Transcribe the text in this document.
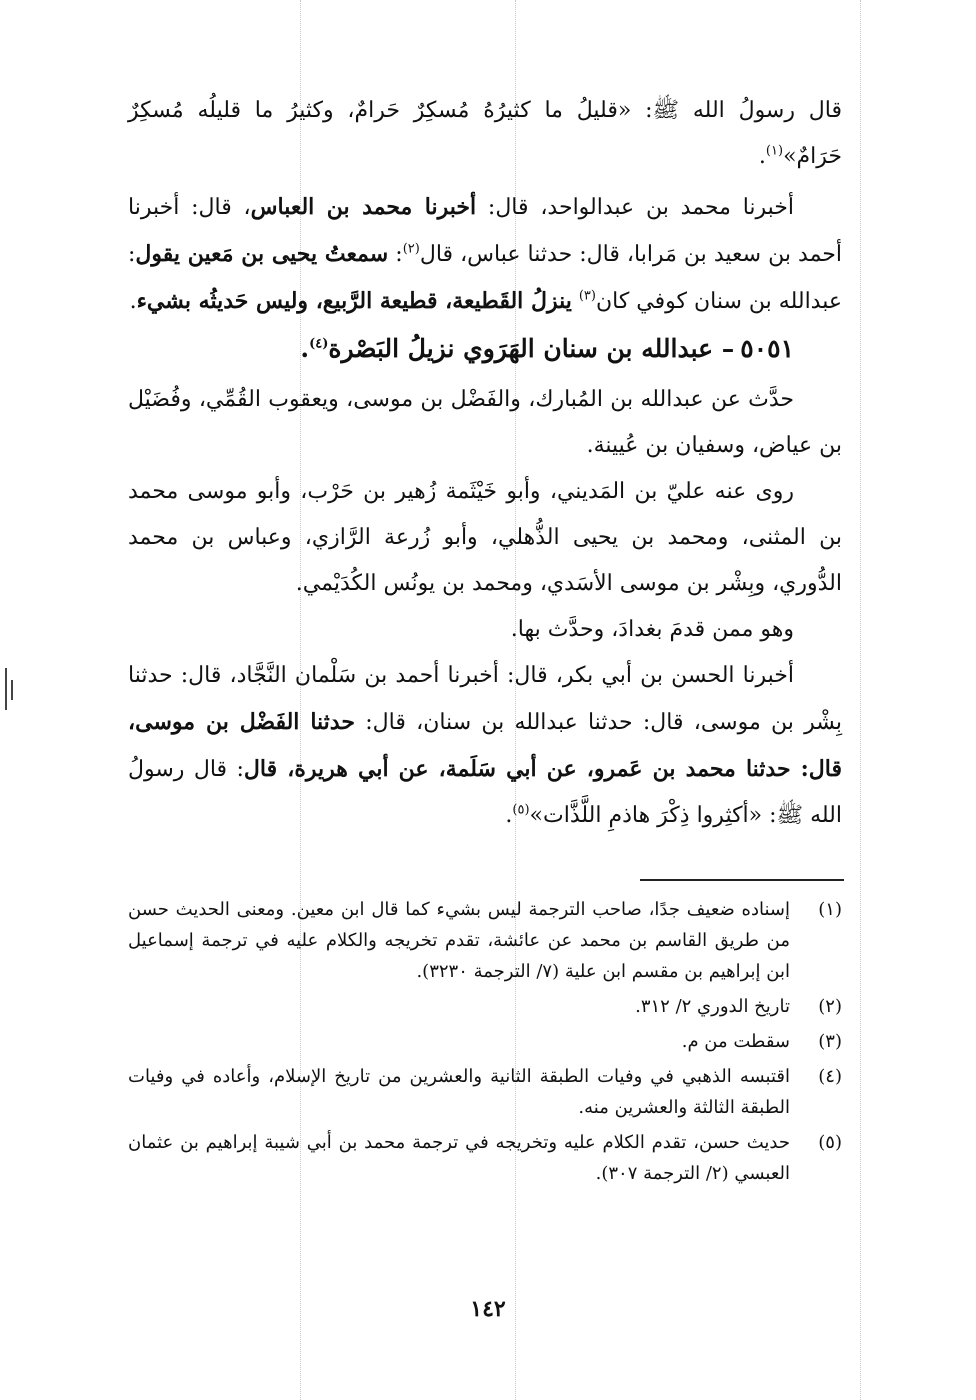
قال رسولُ الله ﷺ: «قليلُ ما كثيرُهُ مُسكِرٌ حَرامٌ، وكثيرُ ما قليلُه مُسكِرٌ حَرَامٌ»$^{(١)}$.

أخبرنا محمد بن عبدالواحد، قال: أخبرنا محمد بن العباس، قال: أخبرنا أحمد بن سعيد بن مَرابا، قال: حدثنا عباس، قال$^{(٢)}$: سمعتُ يحيى بن مَعين يقول: عبدالله بن سنان كوفي كان$^{(٣)}$ ينزلُ القَطيعة، قطيعة الرَّبيع، وليس حَديثُه بشيء.

٥٠٥١– عبدالله بن سنان الهَرَوي نزيلُ البَصْرة$^{(٤)}$.

حدَّث عن عبدالله بن المُبارك، والفَضْل بن موسى، ويعقوب القُمِّي، وفُضَيْل بن عياض، وسفيان بن عُيينة.

روى عنه عليّ بن المَديني، وأبو خَيْثَمة زُهير بن حَرْب، وأبو موسى محمد بن المثنى، ومحمد بن يحيى الذُّهلي، وأبو زُرعة الرَّازي، وعباس بن محمد الدُّوري، وبِشْر بن موسى الأسَدي، ومحمد بن يونُس الكُدَيْمي.

وهو ممن قدمَ بغدادَ، وحدَّث بها.

أخبرنا الحسن بن أبي بكر، قال: أخبرنا أحمد بن سَلْمان النَّجَّاد، قال: حدثنا بِشْر بن موسى، قال: حدثنا عبدالله بن سنان، قال: حدثنا الفَضْل بن موسى، قال: حدثنا محمد بن عَمرو، عن أبي سَلَمة، عن أبي هريرة، قال: قال رسولُ الله ﷺ: «أكثِروا ذِكْرَ هاذمِ اللَّذَّات»$^{(٥)}$.

(١)
إسناده ضعيف جدًا، صاحب الترجمة ليس بشيء كما قال ابن معين. ومعنى الحديث حسن من طريق القاسم بن محمد عن عائشة، تقدم تخريجه والكلام عليه في ترجمة إسماعيل ابن إبراهيم بن مقسم ابن علية (٧/ الترجمة ٣٢٣٠).
(٢)
تاريخ الدوري ٢/ ٣١٢.
(٣)
سقطت من م.
(٤)
اقتبسه الذهبي في وفيات الطبقة الثانية والعشرين من تاريخ الإسلام، وأعاده في وفيات الطبقة الثالثة والعشرين منه.
(٥)
حديث حسن، تقدم الكلام عليه وتخريجه في ترجمة محمد بن أبي شيبة إبراهيم بن عثمان العبسي (٢/ الترجمة ٣٠٧).
١٤٢
